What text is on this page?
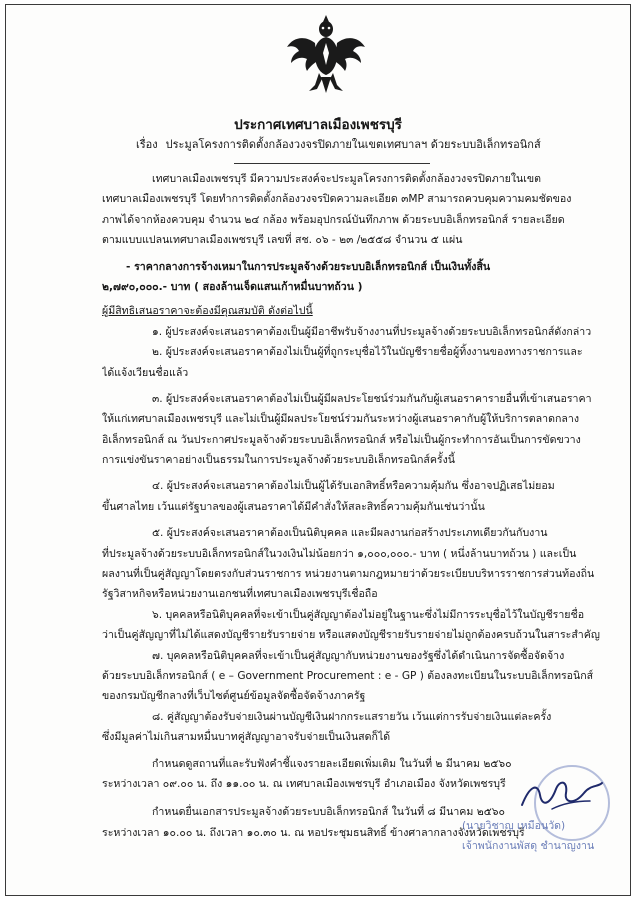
ประกาศเทศบาลเมืองเพชรบุรี
เรื่อง ประมูลโครงการติดตั้งกล้องวงจรปิดภายในเขตเทศบาลฯ ด้วยระบบอิเล็กทรอนิกส์
เทศบาลเมืองเพชรบุรี มีความประสงค์จะประมูลโครงการติดตั้งกล้องวงจรปิดภายในเขต
เทศบาลเมืองเพชรบุรี โดยทำการติดตั้งกล้องวงจรปิดความละเอียด ๓MP สามารถควบคุมความคมชัดของ
ภาพได้จากห้องควบคุม จำนวน ๒๔ กล้อง พร้อมอุปกรณ์บันทึกภาพ ด้วยระบบอิเล็กทรอนิกส์ รายละเอียด
ตามแบบแปลนเทศบาลเมืองเพชรบุรี เลขที่ สช. ๐๖ - ๒๓ /๒๕๕๘ จำนวน ๕ แผ่น
- ราคากลางการจ้างเหมาในการประมูลจ้างด้วยระบบอิเล็กทรอนิกส์ เป็นเงินทั้งสิ้น
๒,๗๙๐,๐๐๐.- บาท ( สองล้านเจ็ดแสนเก้าหมื่นบาทถ้วน )
ผู้มีสิทธิเสนอราคาจะต้องมีคุณสมบัติ ดังต่อไปนี้
๑. ผู้ประสงค์จะเสนอราคาต้องเป็นผู้มีอาชีพรับจ้างงานที่ประมูลจ้างด้วยระบบอิเล็กทรอนิกส์ดังกล่าว
๒. ผู้ประสงค์จะเสนอราคาต้องไม่เป็นผู้ที่ถูกระบุชื่อไว้ในบัญชีรายชื่อผู้ทิ้งงานของทางราชการและ
ได้แจ้งเวียนชื่อแล้ว
๓. ผู้ประสงค์จะเสนอราคาต้องไม่เป็นผู้มีผลประโยชน์ร่วมกันกับผู้เสนอราคารายอื่นที่เข้าเสนอราคา
ให้แก่เทศบาลเมืองเพชรบุรี และไม่เป็นผู้มีผลประโยชน์ร่วมกันระหว่างผู้เสนอราคากับผู้ให้บริการตลาดกลาง
อิเล็กทรอนิกส์ ณ วันประกาศประมูลจ้างด้วยระบบอิเล็กทรอนิกส์ หรือไม่เป็นผู้กระทำการอันเป็นการขัดขวาง
การแข่งขันราคาอย่างเป็นธรรมในการประมูลจ้างด้วยระบบอิเล็กทรอนิกส์ครั้งนี้
๔. ผู้ประสงค์จะเสนอราคาต้องไม่เป็นผู้ได้รับเอกสิทธิ์หรือความคุ้มกัน ซึ่งอาจปฏิเสธไม่ยอม
ขึ้นศาลไทย เว้นแต่รัฐบาลของผู้เสนอราคาได้มีคำสั่งให้สละสิทธิ์ความคุ้มกันเช่นว่านั้น
๕. ผู้ประสงค์จะเสนอราคาต้องเป็นนิติบุคคล และมีผลงานก่อสร้างประเภทเดียวกันกับงาน
ที่ประมูลจ้างด้วยระบบอิเล็กทรอนิกส์ในวงเงินไม่น้อยกว่า ๑,๐๐๐,๐๐๐.- บาท ( หนึ่งล้านบาทถ้วน ) และเป็น
ผลงานที่เป็นคู่สัญญาโดยตรงกับส่วนราชการ หน่วยงานตามกฎหมายว่าด้วยระเบียบบริหารราชการส่วนท้องถิ่น
รัฐวิสาหกิจหรือหน่วยงานเอกชนที่เทศบาลเมืองเพชรบุรีเชื่อถือ
๖. บุคคลหรือนิติบุคคลที่จะเข้าเป็นคู่สัญญาต้องไม่อยู่ในฐานะซึ่งไม่มีการระบุชื่อไว้ในบัญชีรายชื่อ
ว่าเป็นคู่สัญญาที่ไม่ได้แสดงบัญชีรายรับรายจ่าย หรือแสดงบัญชีรายรับรายจ่ายไม่ถูกต้องครบถ้วนในสาระสำคัญ
๗. บุคคลหรือนิติบุคคลที่จะเข้าเป็นคู่สัญญากับหน่วยงานของรัฐซึ่งได้ดำเนินการจัดซื้อจัดจ้าง
ด้วยระบบอิเล็กทรอนิกส์ ( e – Government Procurement : e - GP ) ต้องลงทะเบียนในระบบอิเล็กทรอนิกส์
ของกรมบัญชีกลางที่เว็บไซต์ศูนย์ข้อมูลจัดซื้อจัดจ้างภาครัฐ
๘. คู่สัญญาต้องรับจ่ายเงินผ่านบัญชีเงินฝากกระแสรายวัน เว้นแต่การรับจ่ายเงินแต่ละครั้ง
ซึ่งมีมูลค่าไม่เกินสามหมื่นบาทคู่สัญญาอาจรับจ่ายเป็นเงินสดก็ได้
กำหนดดูสถานที่และรับฟังคำชี้แจงรายละเอียดเพิ่มเติม ในวันที่ ๒ มีนาคม ๒๕๖๐
ระหว่างเวลา ๐๙.๐๐ น. ถึง ๑๑.๐๐ น. ณ เทศบาลเมืองเพชรบุรี อำเภอเมือง จังหวัดเพชรบุรี
กำหนดยื่นเอกสารประมูลจ้างด้วยระบบอิเล็กทรอนิกส์ ในวันที่ ๘ มีนาคม ๒๕๖๐
ระหว่างเวลา ๑๐.๐๐ น. ถึงเวลา ๑๐.๓๐ น. ณ หอประชุมธนสิทธิ์ ข้างศาลากลางจังหวัดเพชรบุรี
(นายวิชาญ เหมือนวัด)
เจ้าพนักงานพัสดุ ชำนาญงาน
